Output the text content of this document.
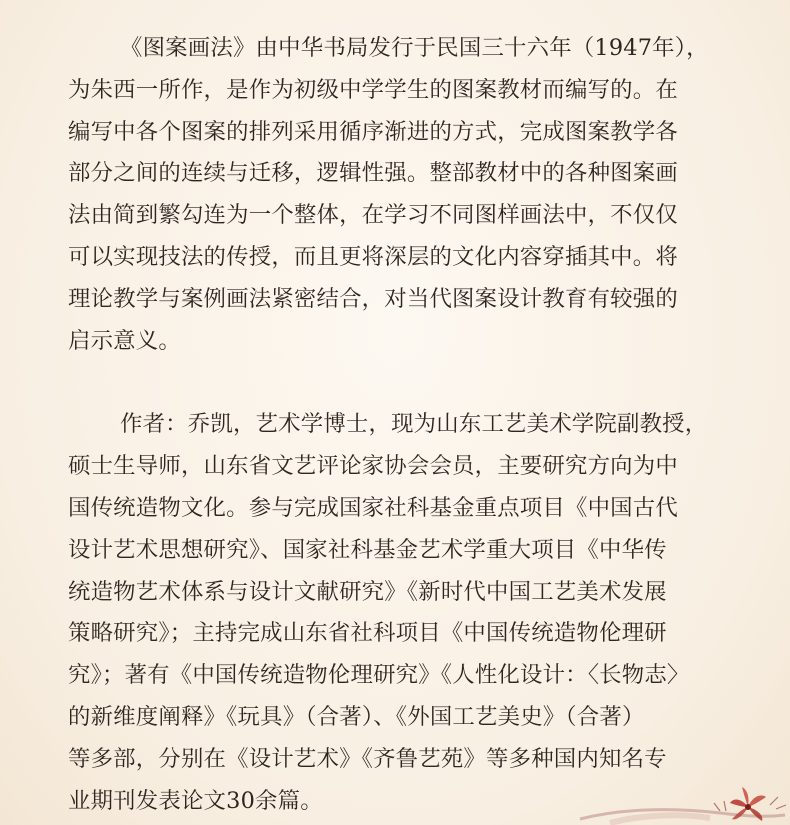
《图案画法》由中华书局发行于民国三十六年（1947年），
为朱西一所作，是作为初级中学学生的图案教材而编写的。在
编写中各个图案的排列采用循序渐进的方式，完成图案教学各
部分之间的连续与迁移，逻辑性强。整部教材中的各种图案画
法由简到繁勾连为一个整体，在学习不同图样画法中，不仅仅
可以实现技法的传授，而且更将深层的文化内容穿插其中。将
理论教学与案例画法紧密结合，对当代图案设计教育有较强的
启示意义。

作者：乔凯，艺术学博士，现为山东工艺美术学院副教授，
硕士生导师，山东省文艺评论家协会会员，主要研究方向为中
国传统造物文化。参与完成国家社科基金重点项目《中国古代
设计艺术思想研究》、国家社科基金艺术学重大项目《中华传
统造物艺术体系与设计文献研究》《新时代中国工艺美术发展
策略研究》；主持完成山东省社科项目《中国传统造物伦理研
究》；著有《中国传统造物伦理研究》《人性化设计：〈长物志〉
的新维度阐释》《玩具》（合著）、《外国工艺美史》（合著）
等多部，分别在《设计艺术》《齐鲁艺苑》等多种国内知名专
业期刊发表论文30余篇。
